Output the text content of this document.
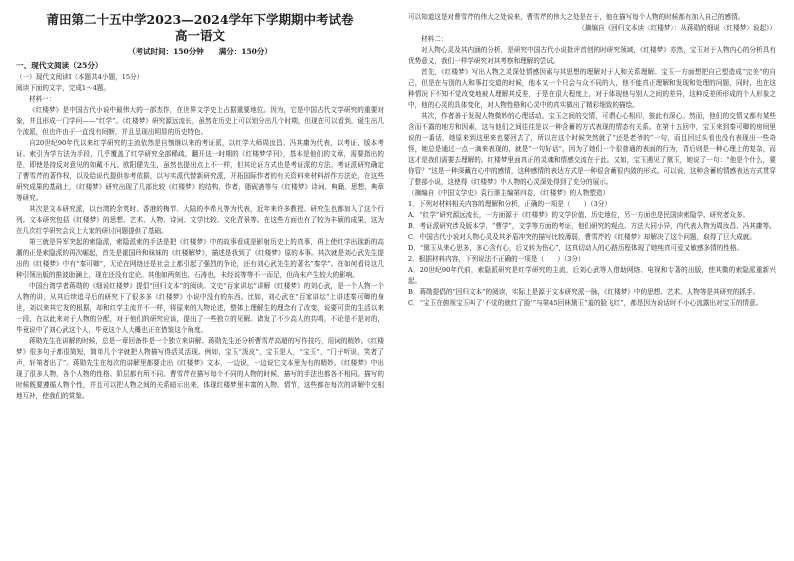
莆田第二十五中学2023—2024学年下学期期中考试卷

高一语文

（考试时间：150分钟　　满分：150分）

一、现代文阅读（25分）

（一）现代文阅读Ⅰ（本题共4小题，15分）

阅读下面的文字，完成1～4题。

材料一：

《红楼梦》是中国古代小说中最伟大的一部杰作，在世界文学史上占据重要地位。因为，它是中国古代文学研究的重要对象，并且形成一门学问——“红学”。《红楼梦》研究源远流长，虽然在历史上可以划分出几个时期，但现在可以看到，诞生出几个流派，但也许由于一直没有间断，并且呈现出明显的历史特色。

自20世纪90年代以来红学研究的主流依然是自刎继以来的考证派，以红学大师周汝昌、冯其庸为代表，以考证、版本考证、索引为学方法为手段，几乎覆盖了红学研究全部稀疏，翻开这一时期的《红楼梦学刊》，基本是他们的文章，需要指出的是，即使是持反对意见的如戴不凡、欧阳健先生，虽然也提出点上不一样，但其论证方式也是考证派的方法。考证派研究确定了曹雪芹的著作权，以及给说代提供参考依据，以写实派代替新研究派，开拓国际作者的有关资料来材料辞作方法论，在这些研究成果的基础上，《红楼梦》研究出现了几部比较《红楼梦》的结构，作者，脂砚斋等与《红楼梦》诗词、典籍、思想、典章等研究。

其次是文本研究派，以台湾的余英时、香港的梅节、大陆的李希凡等为代表，近年来许多教授、研究生也都加入了这个行列。文本研究包括《红楼梦》的思想、艺术、人物、诗词、文学比较、文化背景等。在这些方面也有了较为丰硕的成果，这为在几次红学研究会议上大家的研讨问题提供了基础。

第三就是异军突起的索隐派，索隐派索的手法是把《红楼梦》中的故事看成是影射历史上的真事，再上使红学出现新的高潮的正是索隐派的再次崛起，首先是霍国玲和妹妹的《红楼解梦》，描述是我到了《红楼梦》原的本事。其次就是刘心武先生提出的《红楼梦》中有“秦可卿”，无论在网络还是社会上都引起了强烈的争论，还有刘心武先生的著名“秦学”。在如何看待这几种引领出版的推波助澜上，现在还没有定论。其他如两刻也、石涛也，未经说等等不一而足，但尚未产生较大的影响。

中国台湾学者蒋勋的《细说红楼梦》提倡“回归文本”的阅读。文史“百家讲坛”讲解《红楼梦》的刘心武，是一个人物一个人物的讲，从其后续追寻后的研究下了很多多《红楼梦》小说中没有的东西。比如，刘心武在“百家讲坛”上讲述秦可卿的身世，刘以来其它发的根据，却和红学主流并不一样，将原来的人物论述，整体上理解生的理念有了改变，说要可贵的生活以来一段，在以此来对于人物的分配，对于他们的研究应该，提出了一些独立的见解。诸发了不少高人的共鸣，不论是不是对的，毕竟说中了刘心武这个人，毕竟这个人大概也正在借鉴这个角度。

蒋勋先生在讲解的时候，总是一章回备作是一个独立来讲解。蒋勋先生还分析曹雪芹高超的写作技巧，用词的精妙。《红楼梦》很多句子都很简短，简单几个字就把人物描写得活灵活现。例如，宝玉“泼皮”，宝玉是人，“宝玉”，“门子听说，笑者了声，轩第者出了”。蒋勋先生在每次的讲解里都要走出《红楼梦》文本，一边说，一边说它文本里为有的精妙。《红楼梦》中出现了很多人物，各个人物的性格、阶层都有所不同。曹雪芹在描写每个不同的人物的时候，描写的手法也都各不相同。描写的时候既要遵循人物个性，并且可以把人物之间的关系暗示出来，体现红楼梦里丰富的人物、情节，这些都在每次的讲解中交相地互补，使我们的赏鉴。

可以知道这是对曹雪芹的伟大之处说来，曹雪芹的伟大之处是在于，他在描写每个人物的时候都有加入自己的感情。

（摘编自《回归文本读〈红楼梦〉：从蒋勋的细说〈红楼梦〉说起》）

材料二：

对人物心灵及其内涵的分析，是研究中国古代小说批评首创的时研究领域，《红楼梦》亦然，宝玉对于人物内心的分析具有优势意义，我们一样学研究对其考察和理解的尝试。

首先，《红楼梦》写出人物之灵深处情感因素与其思想的理解对于人和关系理解。宝玉一方面想把自己塑造成“完美”的自己，但是在与别的人和事打交道的时候，他本又一个只会与众不同的人，他不能真正理解和发现和处理的问题，同时，也在这种情况下不知不觉改变地被人理解其反差，于是在很大程度上，对于体现他与别人之间的差异，这种反差所形成的个人形象之中，他的心灵的具体变化，对人物性格和心灵中的真实做出了精彩细致的描绘。

其次，作者善于发现人物微妙的心理活动。宝玉之间的交情，可谓心心相印，彼此有深心。然而，他们的交情又都有某些含而不露的地方和因素，这与他们之间往往是以一种含蓄的方式表现的情态有关系。在第十五回中，宝玉来到秦可卿的房间里说的一番话，她原来到这里来也要回去了，所以在这个时候突然就了“还是老爷的”一句，而且回过头看也没有表现出一些奇怪，她总是通过一点一滴来表现的，就是“一句好话”，因为了她们一个很普通的表面的行为，背后则是一种心理上的复杂，而这才是我们需要去理解的。红楼梦里面真正的灵魂和情感交流在于此。又如，宝玉遇见了黛玉，她说了一句：“他是个什么，要你管？”这是一种深藏在心中的感情，这种感情的表达方式是一种很含蓄很内敛的形式。可以说，这种含蓄的情感表达方式贯穿了整部小说，这使得《红楼梦》中人物的心灵深处得到了充分的展示。

（摘编自《中国文学史》袁行霈主编第四卷，《红楼梦》的人物塑造）

1．下列对材料相关内容的理解和分析，正确的一项是（　　）（3分）

A．“红学”研究源远流长，一方面源于《红楼梦》的文学价值，历史地位，另一方面也是民国读索隐学、研究者众多。

B．考证派研究涉及版本学，“曹学”，文学等方面的考证，他们研究的观点、方法大同小异，内代表人物为周汝昌、冯其庸等。

C．中国古代小说对人物心灵及其矛盾冲突的描写比较薄弱，曹雪芹的《红楼梦》却解决了这个问题，取得了巨大成就。

D．“黛玉从来心思多，多心含有心，后又转为伤心”，这真切动人的心路历程体现了她纯真可爱又敏感多情的性格。

2．根据材料内容，下列说法不正确的一项是（　　）（3分）

A．20世纪90年代前，索隐派研究是红学研究的主流，后刘心武等人借助网络、电视和专著的出版，使其微的索隐派重新兴起。

B．蒋勋提倡的“回归文本”的阅读，实际上是源于文本研究派一脉，《红楼梦》中的思想、艺术、人物等是其研究的抓手。

C．“宝玉在俯视宝玉叫了‘不觉的就红了脸’”与第45回林黛玉“羞的脸飞红”，都是因为说话时不小心流露出对宝玉的情意。
